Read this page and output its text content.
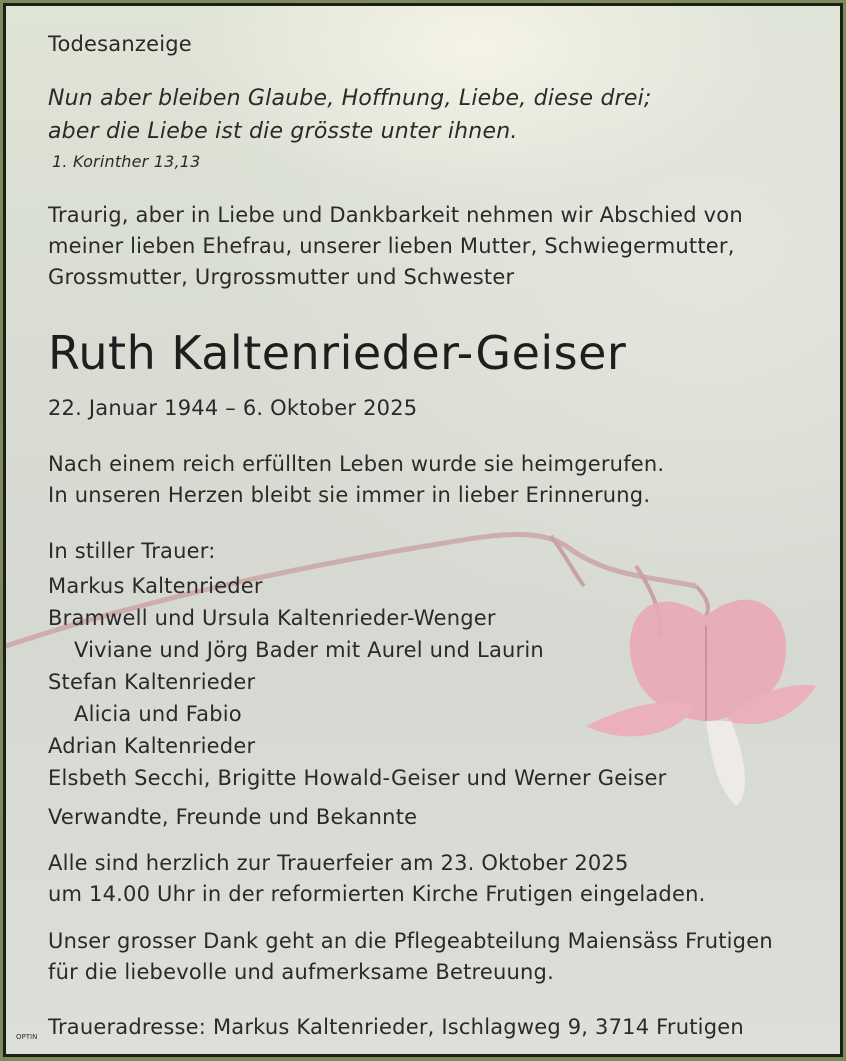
Todesanzeige

Nun aber bleiben Glaube, Hoffnung, Liebe, diese drei;

aber die Liebe ist die grösste unter ihnen.

1. Korinther 13,13

Traurig, aber in Liebe und Dankbarkeit nehmen wir Abschied von

meiner lieben Ehefrau, unserer lieben Mutter, Schwiegermutter,

Grossmutter, Urgrossmutter und Schwester

Ruth Kaltenrieder-Geiser

22. Januar 1944 – 6. Oktober 2025

Nach einem reich erfüllten Leben wurde sie heimgerufen.

In unseren Herzen bleibt sie immer in lieber Erinnerung.

In stiller Trauer:

Markus Kaltenrieder

Bramwell und Ursula Kaltenrieder-Wenger

Viviane und Jörg Bader mit Aurel und Laurin

Stefan Kaltenrieder

Alicia und Fabio

Adrian Kaltenrieder

Elsbeth Secchi, Brigitte Howald-Geiser und Werner Geiser

Verwandte, Freunde und Bekannte

Alle sind herzlich zur Trauerfeier am 23. Oktober 2025

um 14.00 Uhr in der reformierten Kirche Frutigen eingeladen.

Unser grosser Dank geht an die Pflegeabteilung Maiensäss Frutigen

für die liebevolle und aufmerksame Betreuung.

Traueradresse: Markus Kaltenrieder, Ischlagweg 9, 3714 Frutigen

OPTIN
